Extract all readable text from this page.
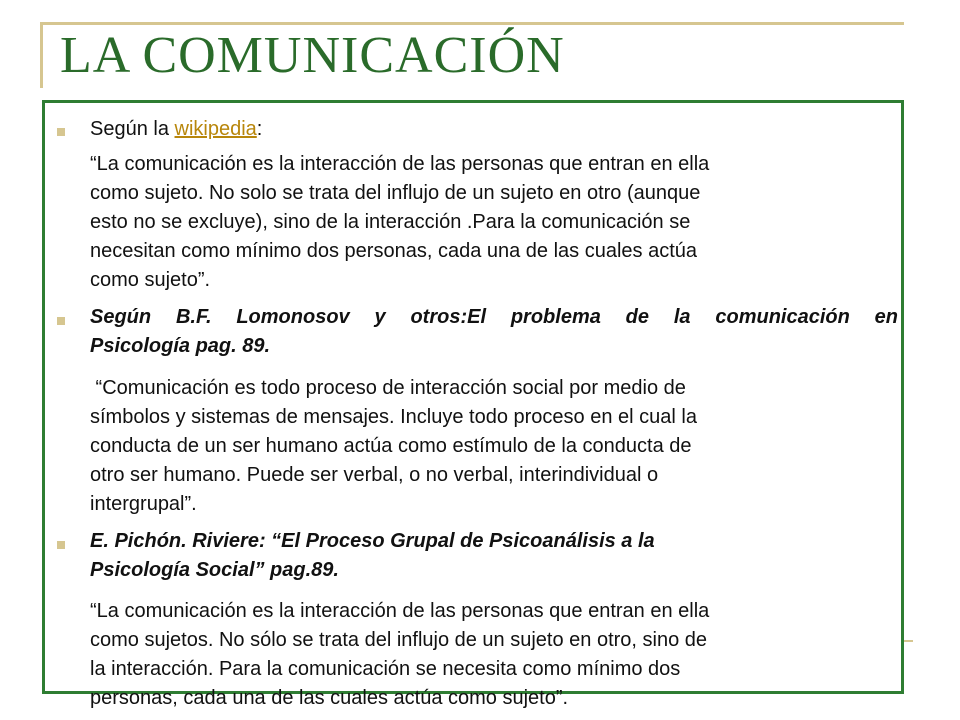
LA COMUNICACIÓN
Según la wikipedia:
“La comunicación es la interacción de las personas que entran en ella
como sujeto. No solo se trata del influjo de un sujeto en otro (aunque
esto no se excluye), sino de la interacción .Para la comunicación se
necesitan como mínimo dos personas, cada una de las cuales actúa
como sujeto”.
Según B.F. Lomonosov y otros:El problema de la comunicación en
Psicología pag. 89.
“Comunicación es todo proceso de interacción social por medio de
símbolos y sistemas de mensajes. Incluye todo proceso en el cual la
conducta de un ser humano actúa como estímulo de la conducta de
otro ser humano. Puede ser verbal, o no verbal, interindividual o
intergrupal”.
E. Pichón. Riviere: “El Proceso Grupal de Psicoanálisis a la
Psicología Social” pag.89.
“La comunicación es la interacción de las personas que entran en ella
como sujetos. No sólo se trata del influjo de un sujeto en otro, sino de
la interacción. Para la comunicación se necesita como mínimo dos
personas, cada una de las cuales actúa como sujeto”.
